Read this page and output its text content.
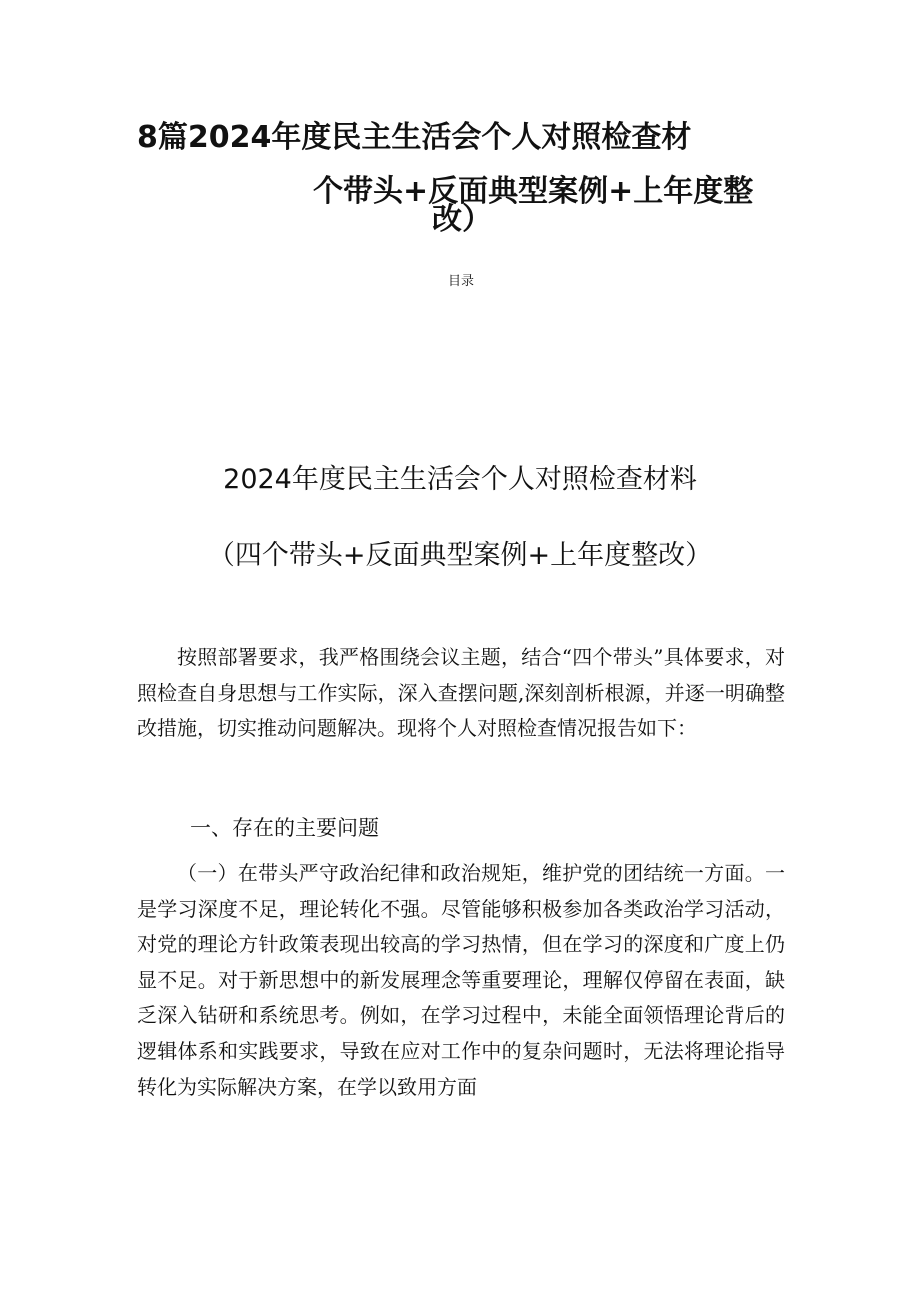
8篇2024年度民主生活会个人对照检查材
个带头+反面典型案例+上年度整
改）
目录
2024年度民主生活会个人对照检查材料
（四个带头+反面典型案例+上年度整改）

按照部署要求，我严格围绕会议主题，结合“四个带头”具体要求，对照检查自身思想与工作实际，深入查摆问题,深刻剖析根源，并逐一明确整改措施，切实推动问题解决。现将个人对照检查情况报告如下：

一、存在的主要问题

（一）在带头严守政治纪律和政治规矩，维护党的团结统一方面。一是学习深度不足，理论转化不强。尽管能够积极参加各类政治学习活动，对党的理论方针政策表现出较高的学习热情，但在学习的深度和广度上仍显不足。对于新思想中的新发展理念等重要理论，理解仅停留在表面，缺乏深入钻研和系统思考。例如，在学习过程中，未能全面领悟理论背后的逻辑体系和实践要求，导致在应对工作中的复杂问题时，无法将理论指导转化为实际解决方案，在学以致用方面
